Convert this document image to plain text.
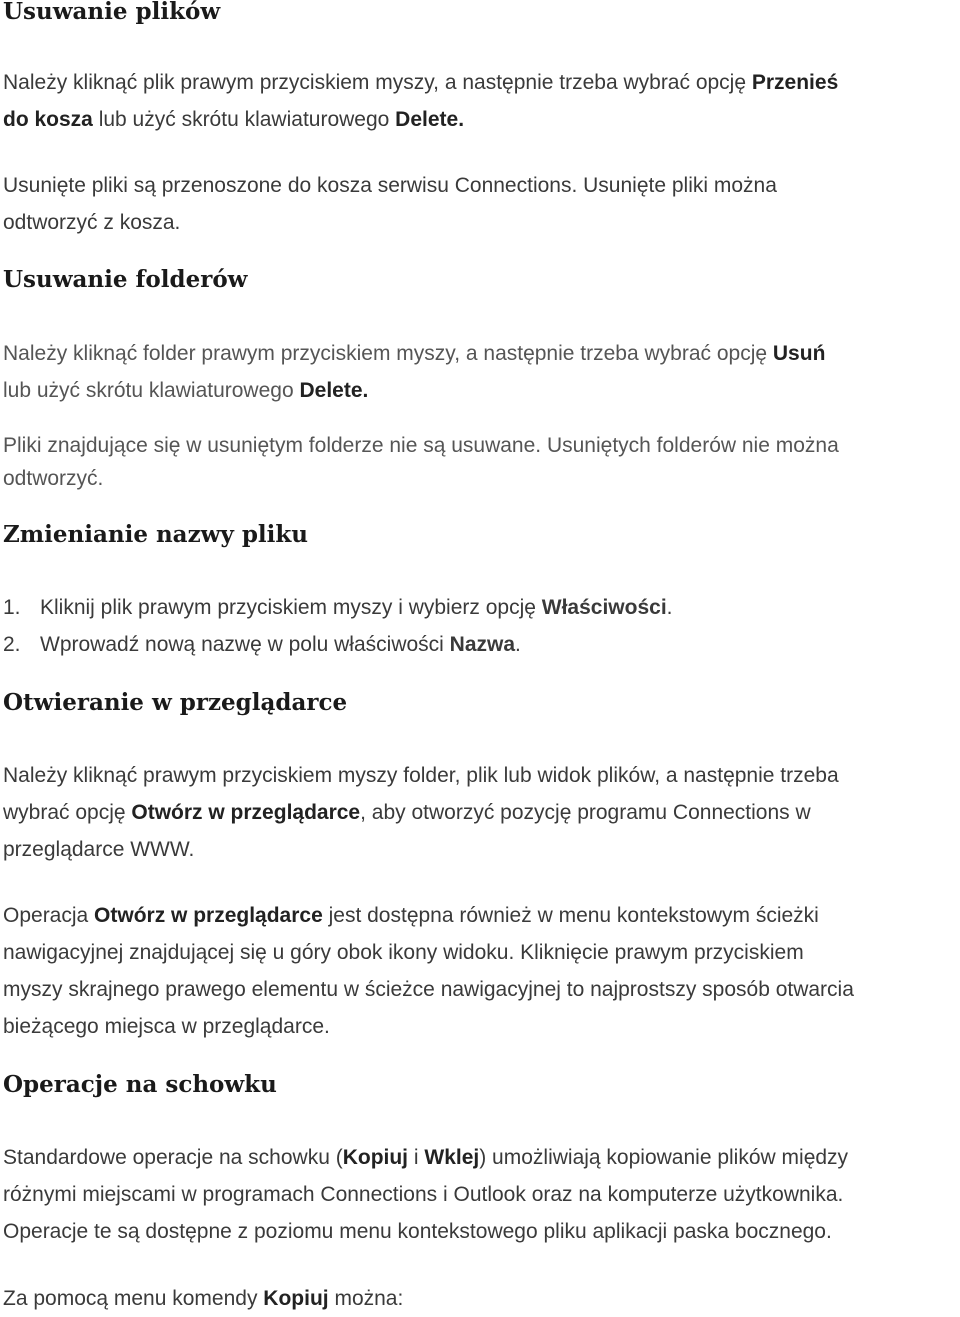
Usuwanie plików

Należy kliknąć plik prawym przyciskiem myszy, a następnie trzeba wybrać opcję Przenieś
do kosza lub użyć skrótu klawiaturowego Delete.

Usunięte pliki są przenoszone do kosza serwisu Connections. Usunięte pliki można
odtworzyć z kosza.

Usuwanie folderów

Należy kliknąć folder prawym przyciskiem myszy, a następnie trzeba wybrać opcję Usuń
lub użyć skrótu klawiaturowego Delete.

Pliki znajdujące się w usuniętym folderze nie są usuwane. Usuniętych folderów nie można
odtworzyć.

Zmienianie nazwy pliku
1. Kliknij plik prawym przyciskiem myszy i wybierz opcję Właściwości.
2. Wprowadź nową nazwę w polu właściwości Nazwa.
Otwieranie w przeglądarce

Należy kliknąć prawym przyciskiem myszy folder, plik lub widok plików, a następnie trzeba
wybrać opcję Otwórz w przeglądarce, aby otworzyć pozycję programu Connections w
przeglądarce WWW.

Operacja Otwórz w przeglądarce jest dostępna również w menu kontekstowym ścieżki
nawigacyjnej znajdującej się u góry obok ikony widoku. Kliknięcie prawym przyciskiem
myszy skrajnego prawego elementu w ścieżce nawigacyjnej to najprostszy sposób otwarcia
bieżącego miejsca w przeglądarce.

Operacje na schowku

Standardowe operacje na schowku (Kopiuj i Wklej) umożliwiają kopiowanie plików między
różnymi miejscami w programach Connections i Outlook oraz na komputerze użytkownika.
Operacje te są dostępne z poziomu menu kontekstowego pliku aplikacji paska bocznego.

Za pomocą menu komendy Kopiuj można:
